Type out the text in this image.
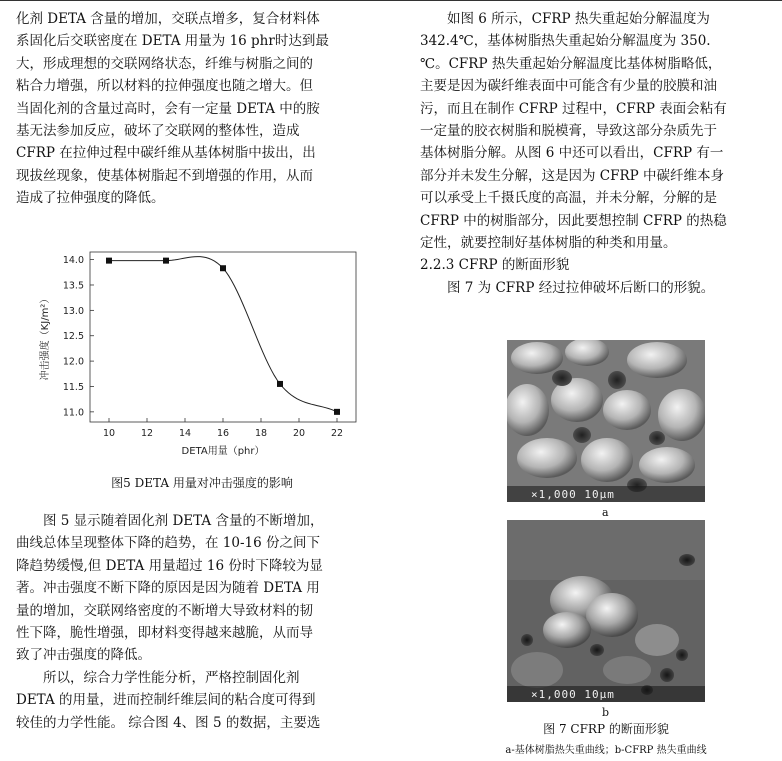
化剂 DETA 含量的增加，交联点增多，复合材料体
系固化后交联密度在 DETA 用量为 16 phr时达到最
大，形成理想的交联网络状态，纤维与树脂之间的
粘合力增强，所以材料的拉伸强度也随之增大。但
当固化剂的含量过高时，会有一定量 DETA 中的胺
基无法参加反应，破坏了交联网的整体性，造成
CFRP 在拉伸过程中碳纤维从基体树脂中拔出，出
现拔丝现象，使基体树脂起不到增强的作用，从而
造成了拉伸强度的降低。

10	12	14	16	18	20	22
11.0
11.5
12.0
12.5
13.0
13.5
14.0
DETA用量（phr）
冲击强度（KJ/m²）
图5 DETA 用量对冲击强度的影响

图 5 显示随着固化剂 DETA 含量的不断增加，
曲线总体呈现整体下降的趋势，在 10-16 份之间下
降趋势缓慢,但 DETA 用量超过 16 份时下降较为显
著。冲击强度不断下降的原因是因为随着 DETA 用
量的增加，交联网络密度的不断增大导致材料的韧
性下降，脆性增强，即材料变得越来越脆，从而导
致了冲击强度的降低。

所以，综合力学性能分析，严格控制固化剂
DETA 的用量，进而控制纤维层间的粘合度可得到
较佳的力学性能。 综合图 4、图 5 的数据，主要选

如图 6 所示，CFRP 热失重起始分解温度为
342.4℃，基体树脂热失重起始分解温度为 350.
℃。CFRP 热失重起始分解温度比基体树脂略低，
主要是因为碳纤维表面中可能含有少量的胶膜和油
污，而且在制作 CFRP 过程中，CFRP 表面会粘有
一定量的胶衣树脂和脱模膏，导致这部分杂质先于
基体树脂分解。从图 6 中还可以看出，CFRP 有一
部分并未发生分解，这是因为 CFRP 中碳纤维本身
可以承受上千摄氏度的高温，并未分解，分解的是
CFRP 中的树脂部分，因此要想控制 CFRP 的热稳
定性，就要控制好基体树脂的种类和用量。

2.2.3 CFRP 的断面形貌

图 7 为 CFRP 经过拉伸破坏后断口的形貌。

×1,000 10μm
a
×1,000 10μm
b
图 7 CFRP 的断面形貌
a-基体树脂热失重曲线；b-CFRP 热失重曲线
